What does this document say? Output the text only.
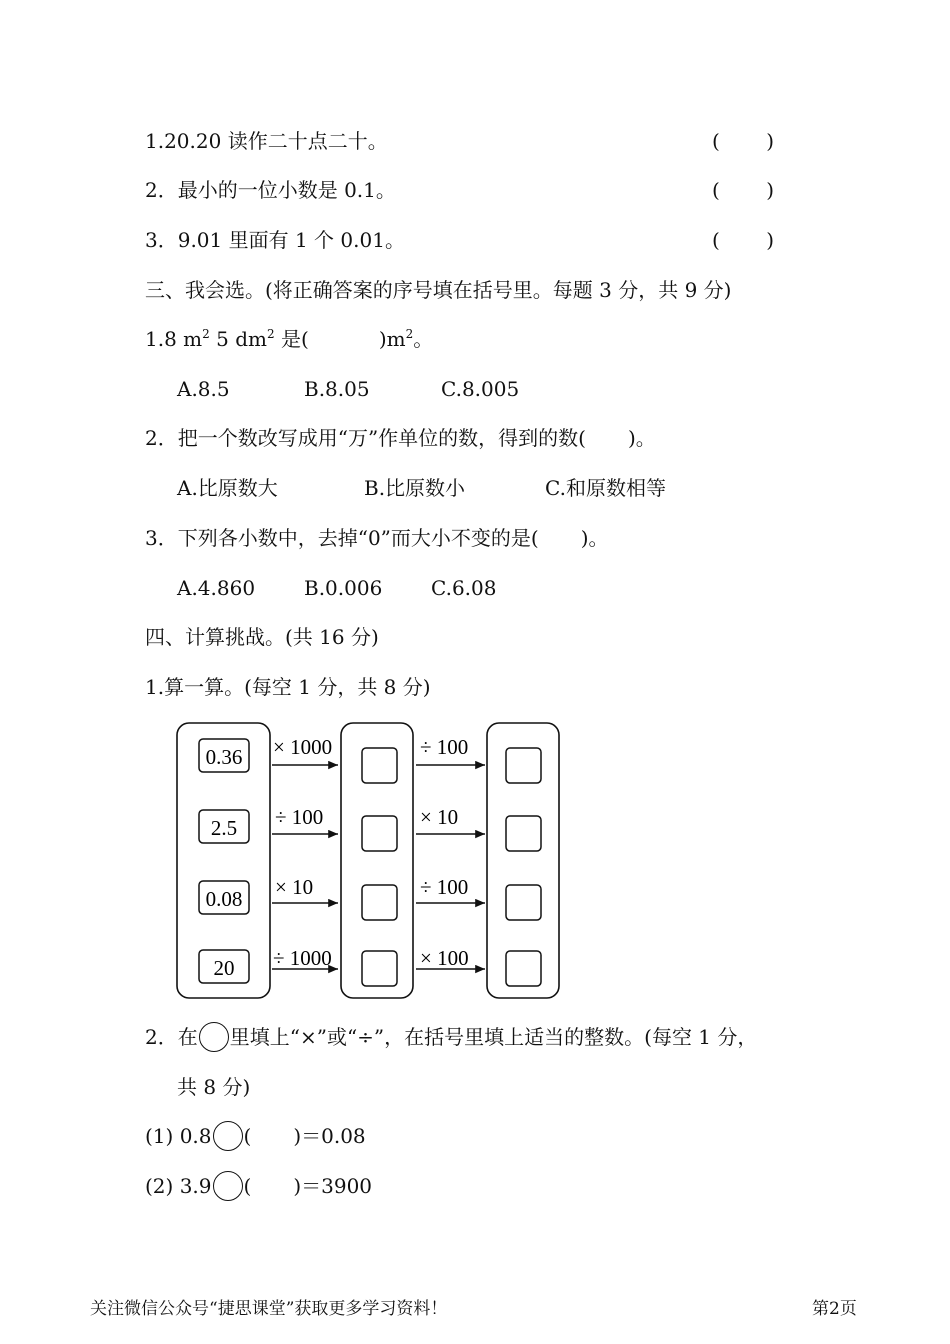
1.20.20 读作二十点二十。	( )
2．最小的一位小数是 0.1。	( )
3．9.01 里面有 1 个 0.01。	( )
三、我会选。(将正确答案的序号填在括号里。每题 3 分，共 9 分)
1.8 $m^2$ 5 $dm^2$ 是(	)$m^2$。
A.8.5	B.8.05	C.8.005
2．把一个数改写成用“万”作单位的数，得到的数( )。
A.比原数大	B.比原数小	C.和原数相等
3．下列各小数中，去掉“0”而大小不变的是( )。
A.4.860 B.0.006 C.6.08
四、计算挑战。(共 16 分)
1.算一算。(每空 1 分，共 8 分)
0.36 × 1000	÷ 100
2.5 ÷ 100	× 10
0.08 × 10	÷ 100
20 ÷ 1000	× 100
2．在 里填上“×”或“÷”，在括号里填上适当的整数。(每空 1 分，
共 8 分)
(1) 0.8 ( )＝0.08
(2) 3.9 ( )＝3900
关注微信公众号“捷思课堂”获取更多学习资料！	第2页
